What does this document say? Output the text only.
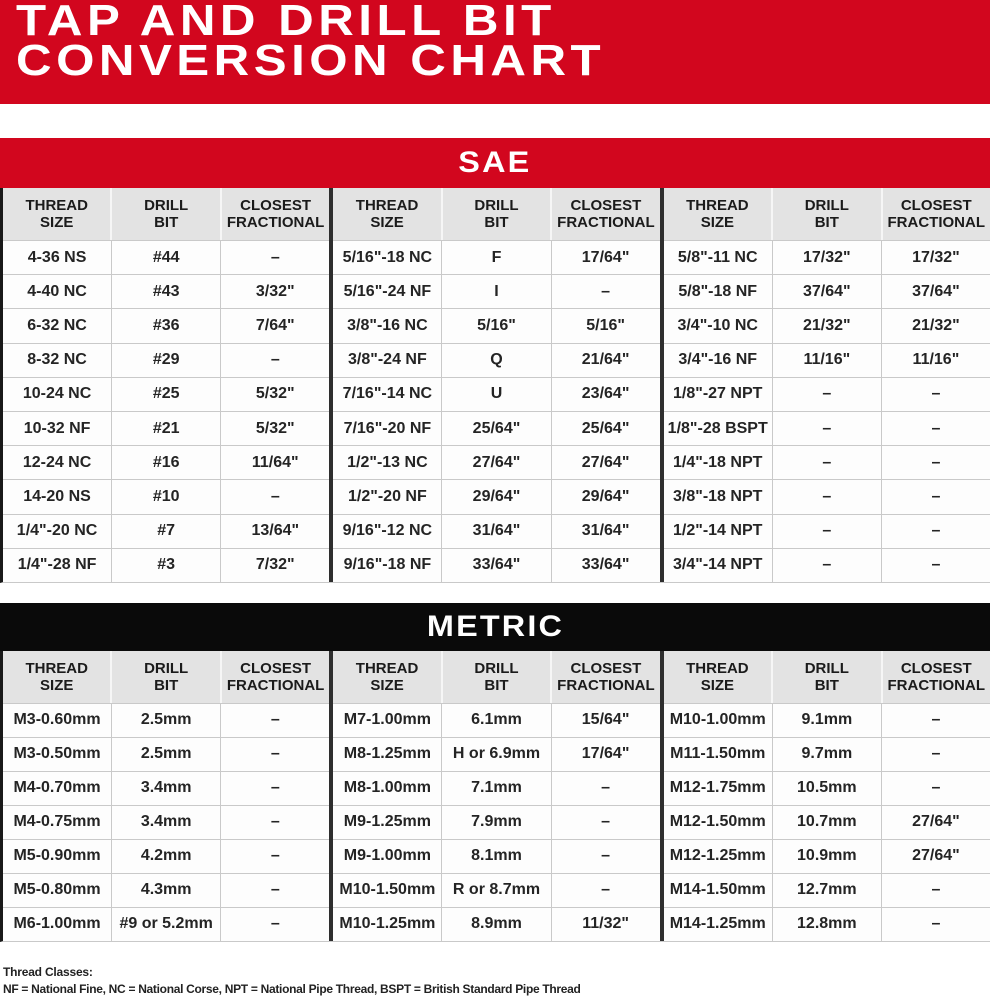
TAP AND DRILL BIT
CONVERSION CHART
SAE
THREAD
SIZE
DRILL
BIT
CLOSEST
FRACTIONAL
4-36 NS	#44	–
4-40 NC	#43	3/32"
6-32 NC	#36	7/64"
8-32 NC	#29	–
10-24 NC	#25	5/32"
10-32 NF	#21	5/32"
12-24 NC	#16	11/64"
14-20 NS	#10	–
1/4"-20 NC	#7	13/64"
1/4"-28 NF	#3	7/32"
THREAD
SIZE
DRILL
BIT
CLOSEST
FRACTIONAL
5/16"-18 NC	F	17/64"
5/16"-24 NF	I	–
3/8"-16 NC	5/16"	5/16"
3/8"-24 NF	Q	21/64"
7/16"-14 NC	U	23/64"
7/16"-20 NF	25/64"	25/64"
1/2"-13 NC	27/64"	27/64"
1/2"-20 NF	29/64"	29/64"
9/16"-12 NC	31/64"	31/64"
9/16"-18 NF	33/64"	33/64"
THREAD
SIZE
DRILL
BIT
CLOSEST
FRACTIONAL
5/8"-11 NC	17/32"	17/32"
5/8"-18 NF	37/64"	37/64"
3/4"-10 NC	21/32"	21/32"
3/4"-16 NF	11/16"	11/16"
1/8"-27 NPT	–	–
1/8"-28 BSPT	–	–
1/4"-18 NPT	–	–
3/8"-18 NPT	–	–
1/2"-14 NPT	–	–
3/4"-14 NPT	–	–
METRIC
THREAD
SIZE
DRILL
BIT
CLOSEST
FRACTIONAL
M3-0.60mm	2.5mm	–
M3-0.50mm	2.5mm	–
M4-0.70mm	3.4mm	–
M4-0.75mm	3.4mm	–
M5-0.90mm	4.2mm	–
M5-0.80mm	4.3mm	–
M6-1.00mm	#9 or 5.2mm	–
THREAD
SIZE
DRILL
BIT
CLOSEST
FRACTIONAL
M7-1.00mm	6.1mm	15/64"
M8-1.25mm	H or 6.9mm	17/64"
M8-1.00mm	7.1mm	–
M9-1.25mm	7.9mm	–
M9-1.00mm	8.1mm	–
M10-1.50mm	R or 8.7mm	–
M10-1.25mm	8.9mm	11/32"
THREAD
SIZE
DRILL
BIT
CLOSEST
FRACTIONAL
M10-1.00mm	9.1mm	–
M11-1.50mm	9.7mm	–
M12-1.75mm	10.5mm	–
M12-1.50mm	10.7mm	27/64"
M12-1.25mm	10.9mm	27/64"
M14-1.50mm	12.7mm	–
M14-1.25mm	12.8mm	–
Thread Classes:
NF = National Fine, NC = National Corse, NPT = National Pipe Thread, BSPT = British Standard Pipe Thread
